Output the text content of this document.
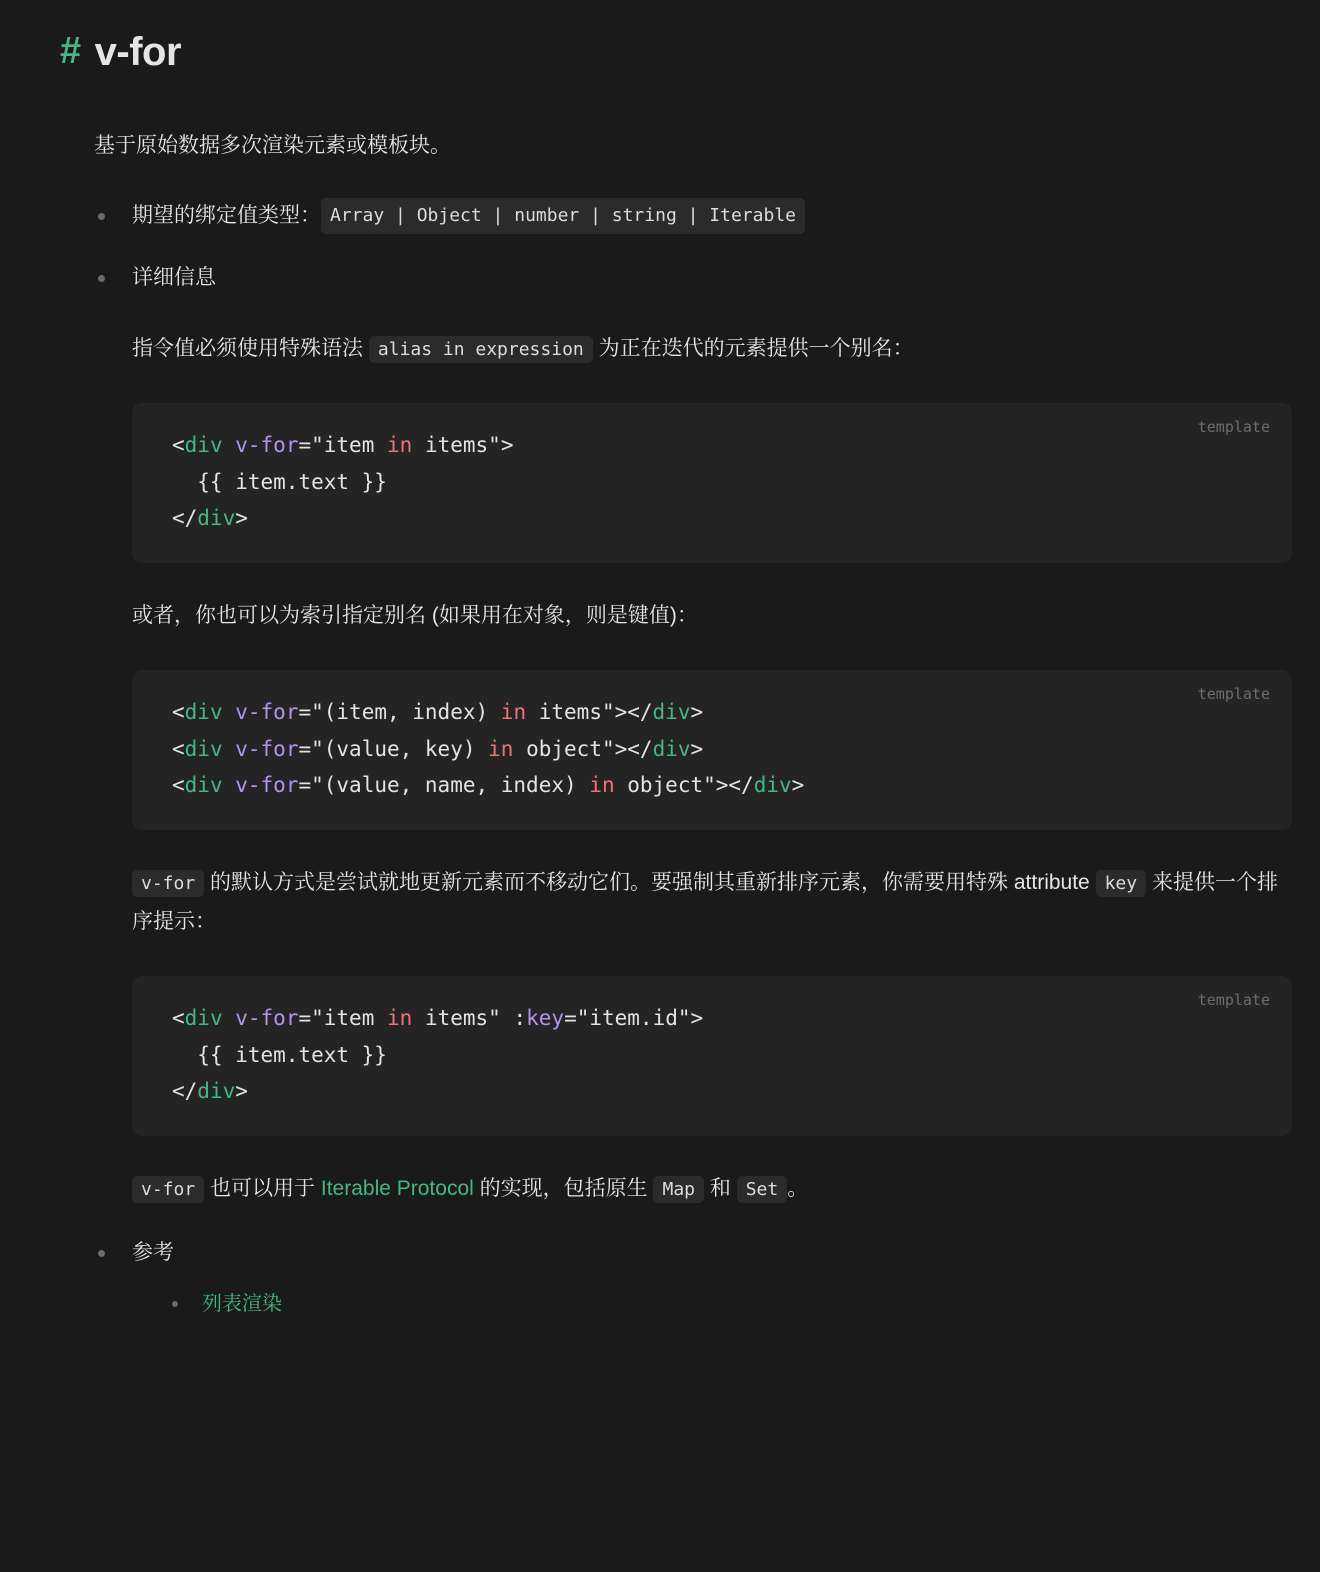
# v-for

基于原始数据多次渲染元素或模板块。

期望的绑定值类型： Array | Object | number | string | Iterable
详细信息

指令值必须使用特殊语法 alias in expression 为正在迭代的元素提供一个别名：

template
<div v-for="item in items">
{{ item.text }}
</div>

或者，你也可以为索引指定别名 (如果用在对象，则是键值)：

template
<div v-for="(item, index) in items"></div>
<div v-for="(value, key) in object"></div>
<div v-for="(value, name, index) in object"></div>

v-for 的默认方式是尝试就地更新元素而不移动它们。要强制其重新排序元素，你需要用特殊 attribute key 来提供一个排序提示：

template
<div v-for="item in items" :key="item.id">
{{ item.text }}
</div>

v-for 也可以用于 Iterable Protocol 的实现，包括原生 Map 和 Set 。

参考
列表渲染
